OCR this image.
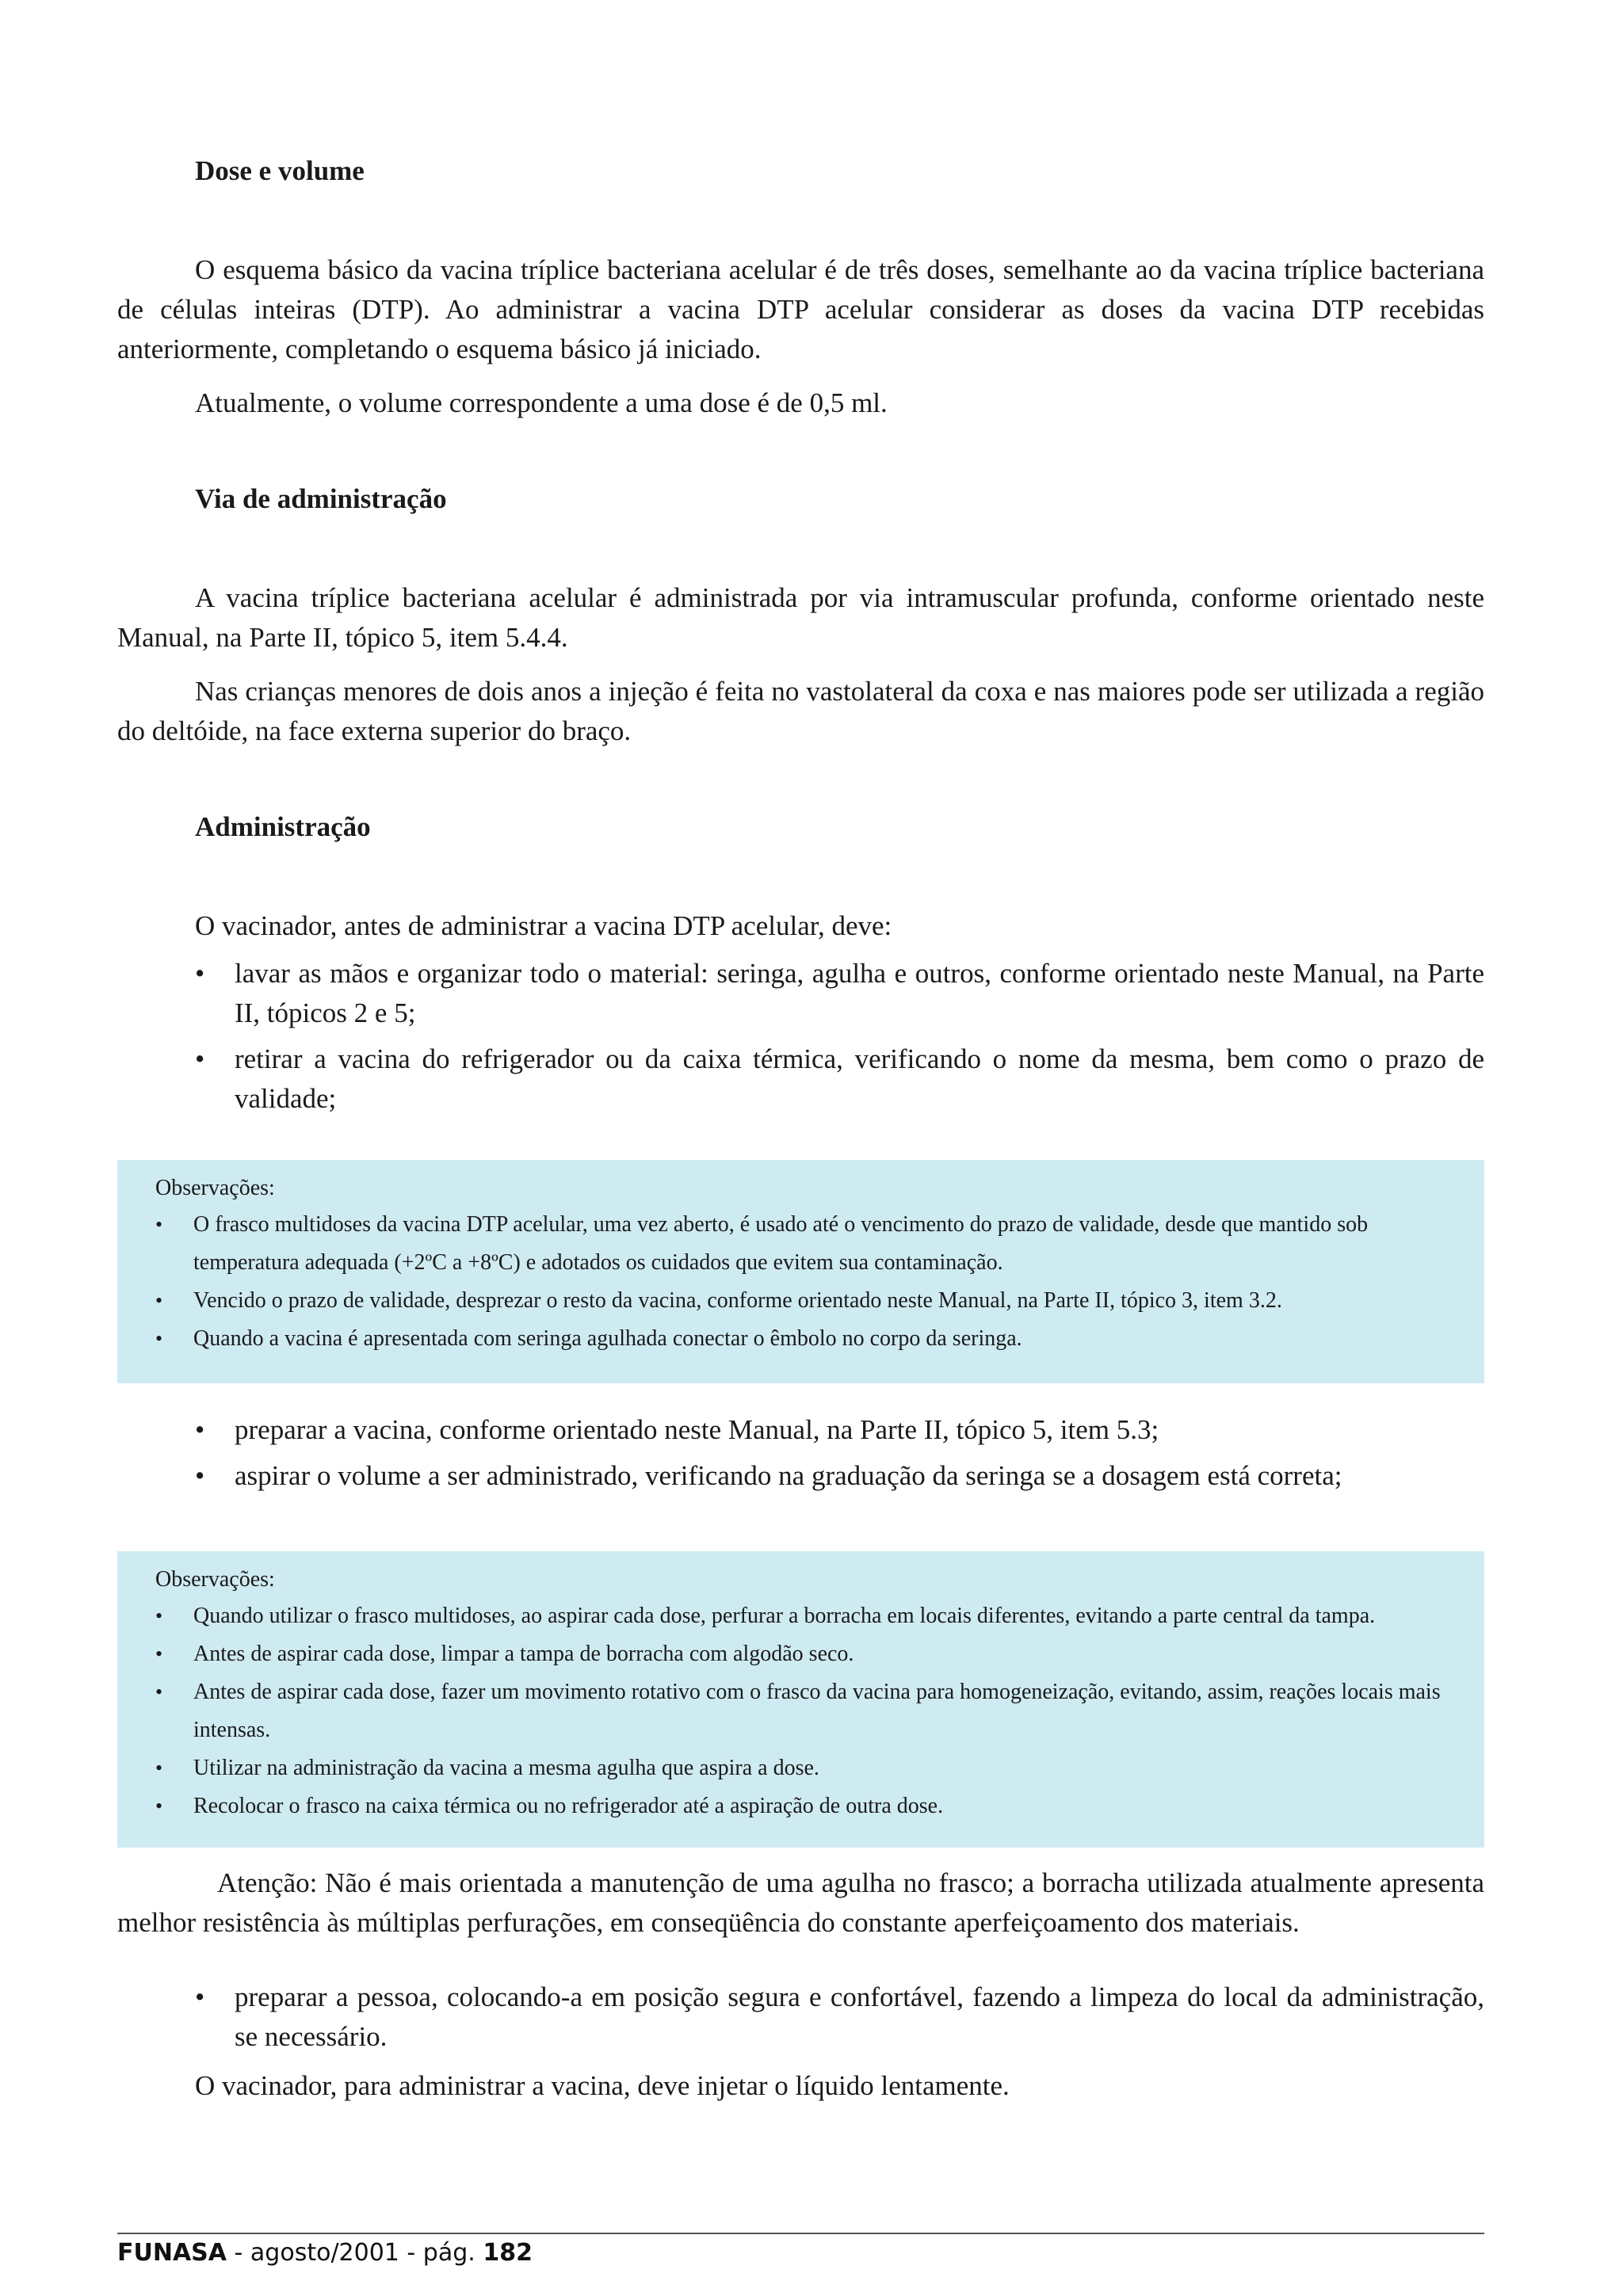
Dose e volume

O esquema básico da vacina tríplice bacteriana acelular é de três doses, semelhante ao da vacina tríplice bacteriana de células inteiras (DTP). Ao administrar a vacina DTP acelular considerar as doses da vacina DTP recebidas anteriormente, completando o esquema básico já iniciado.

Atualmente, o volume correspondente a uma dose é de 0,5 ml.

Via de administração

A vacina tríplice bacteriana acelular é administrada por via intramuscular profunda, conforme orientado neste Manual, na Parte II, tópico 5, item 5.4.4.

Nas crianças menores de dois anos a injeção é feita no vastolateral da coxa e nas maiores pode ser utilizada a região do deltóide, na face externa superior do braço.

Administração

O vacinador, antes de administrar a vacina DTP acelular, deve:

• lavar as mãos e organizar todo o material: seringa, agulha e outros, conforme orientado neste Manual, na Parte II, tópicos 2 e 5;
• retirar a vacina do refrigerador ou da caixa térmica, verificando o nome da mesma, bem como o prazo de validade;

Observações:

• O frasco multidoses da vacina DTP acelular, uma vez aberto, é usado até o vencimento do prazo de validade, desde que mantido sob temperatura adequada (+2ºC a +8ºC) e adotados os cuidados que evitem sua contaminação.
• Vencido o prazo de validade, desprezar o resto da vacina, conforme orientado neste Manual, na Parte II, tópico 3, item 3.2.
• Quando a vacina é apresentada com seringa agulhada conectar o êmbolo no corpo da seringa.
• preparar a vacina, conforme orientado neste Manual, na Parte II, tópico 5, item 5.3;
• aspirar o volume a ser administrado, verificando na graduação da seringa se a dosagem está correta;

Observações:

• Quando utilizar o frasco multidoses, ao aspirar cada dose, perfurar a borracha em locais diferentes, evitando a parte central da tampa.
• Antes de aspirar cada dose, limpar a tampa de borracha com algodão seco.
• Antes de aspirar cada dose, fazer um movimento rotativo com o frasco da vacina para homogeneização, evitando, assim, reações locais mais intensas.
• Utilizar na administração da vacina a mesma agulha que aspira a dose.
• Recolocar o frasco na caixa térmica ou no refrigerador até a aspiração de outra dose.

Atenção: Não é mais orientada a manutenção de uma agulha no frasco; a borracha utilizada atualmente apresenta melhor resistência às múltiplas perfurações, em conseqüência do constante aperfeiçoamento dos materiais.

• preparar a pessoa, colocando-a em posição segura e confortável, fazendo a limpeza do local da administração, se necessário.

O vacinador, para administrar a vacina, deve injetar o líquido lentamente.

FUNASA - agosto/2001 - pág. 182
